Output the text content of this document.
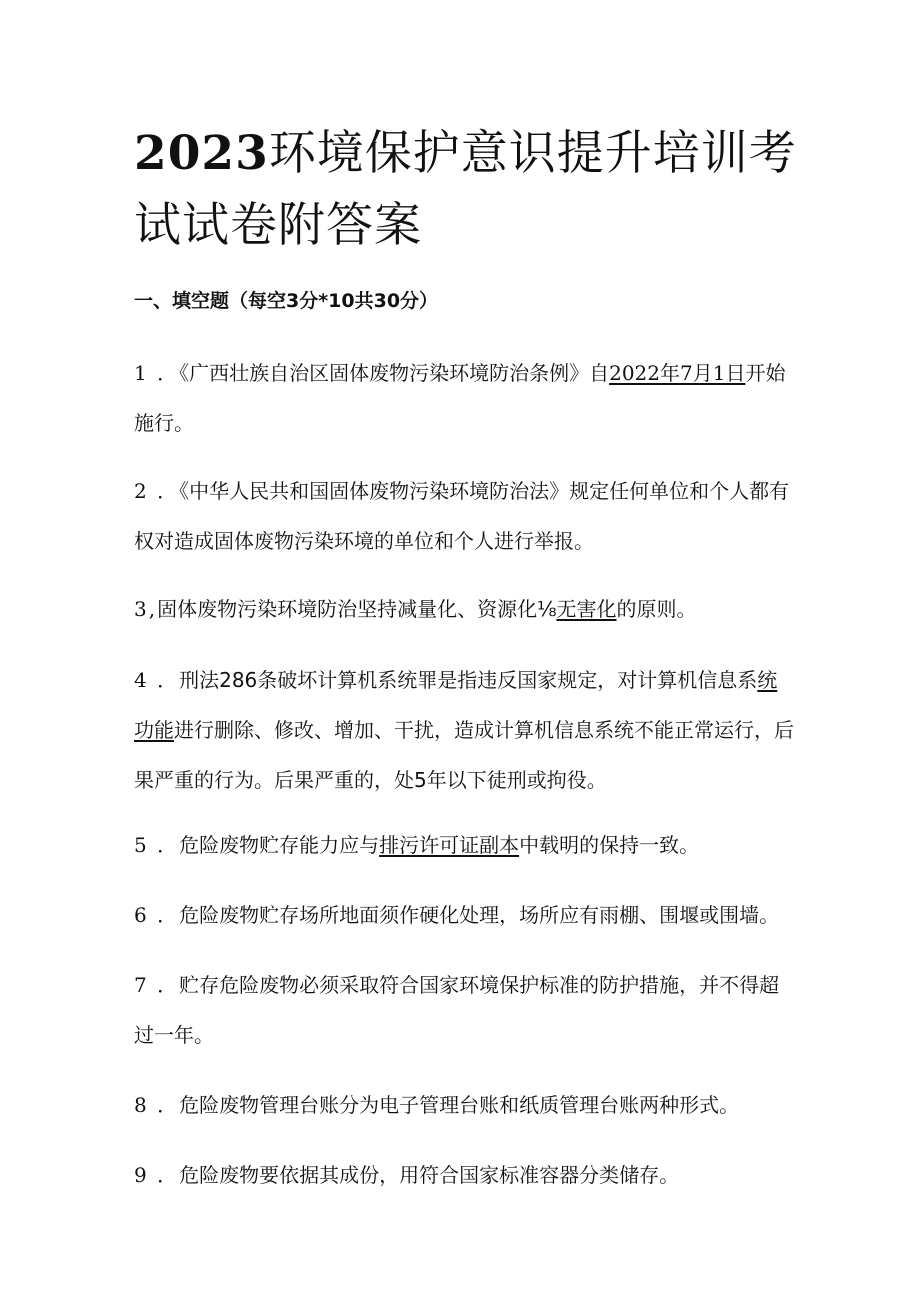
2023环境保护意识提升培训考试试卷附答案
一、填空题（每空3分*10共30分）

1 ．《广西壮族自治区固体废物污染环境防治条例》自2022年7月1日开始施行。

2 ．《中华人民共和国固体废物污染环境防治法》规定任何单位和个人都有权对造成固体废物污染环境的单位和个人进行举报。

3,固体废物污染环境防治坚持减量化、资源化⅛无害化的原则。

4 ．刑法286条破坏计算机系统罪是指违反国家规定，对计算机信息系统功能进行删除、修改、增加、干扰，造成计算机信息系统不能正常运行，后果严重的行为。后果严重的，处5年以下徒刑或拘役。

5 ．危险废物贮存能力应与排污许可证副本中载明的保持一致。

6 ．危险废物贮存场所地面须作硬化处理，场所应有雨棚、围堰或围墙。

7 ．贮存危险废物必须采取符合国家环境保护标准的防护措施，并不得超过一年。

8 ．危险废物管理台账分为电子管理台账和纸质管理台账两种形式。

9 ．危险废物要依据其成份，用符合国家标准容器分类储存。
